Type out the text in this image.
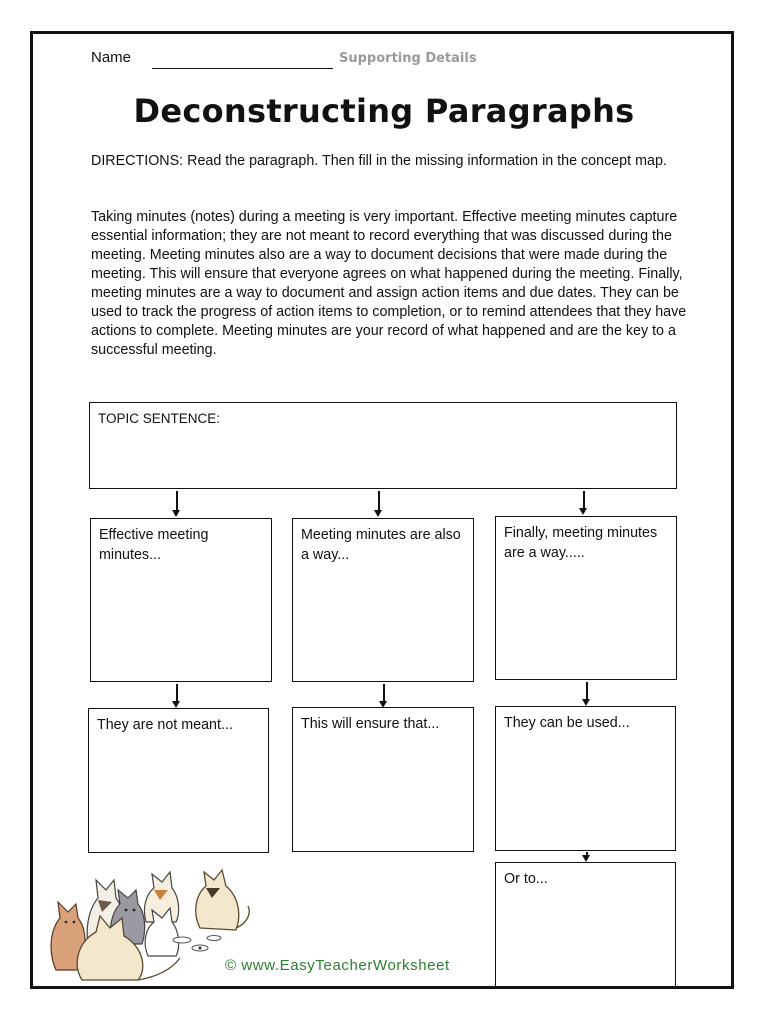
Name	Supporting Details
Deconstructing Paragraphs
DIRECTIONS: Read the paragraph. Then fill in the missing information in the concept map.
Taking minutes (notes) during a meeting is very important. Effective meeting minutes capture essential information; they are not meant to record everything that was discussed during the meeting. Meeting minutes also are a way to document decisions that were made during the meeting. This will ensure that everyone agrees on what happened during the meeting. Finally, meeting minutes are a way to document and assign action items and due dates. They can be used to track the progress of action items to completion, or to remind attendees that they have actions to complete. Meeting minutes are your record of what happened and are the key to a successful meeting.
TOPIC SENTENCE:
Effective meeting minutes...
Meeting minutes are also a way...
Finally, meeting minutes are a way.....
They are not meant...	This will ensure that...	They can be used...
Or to...
© www.EasyTeacherWorksheet
